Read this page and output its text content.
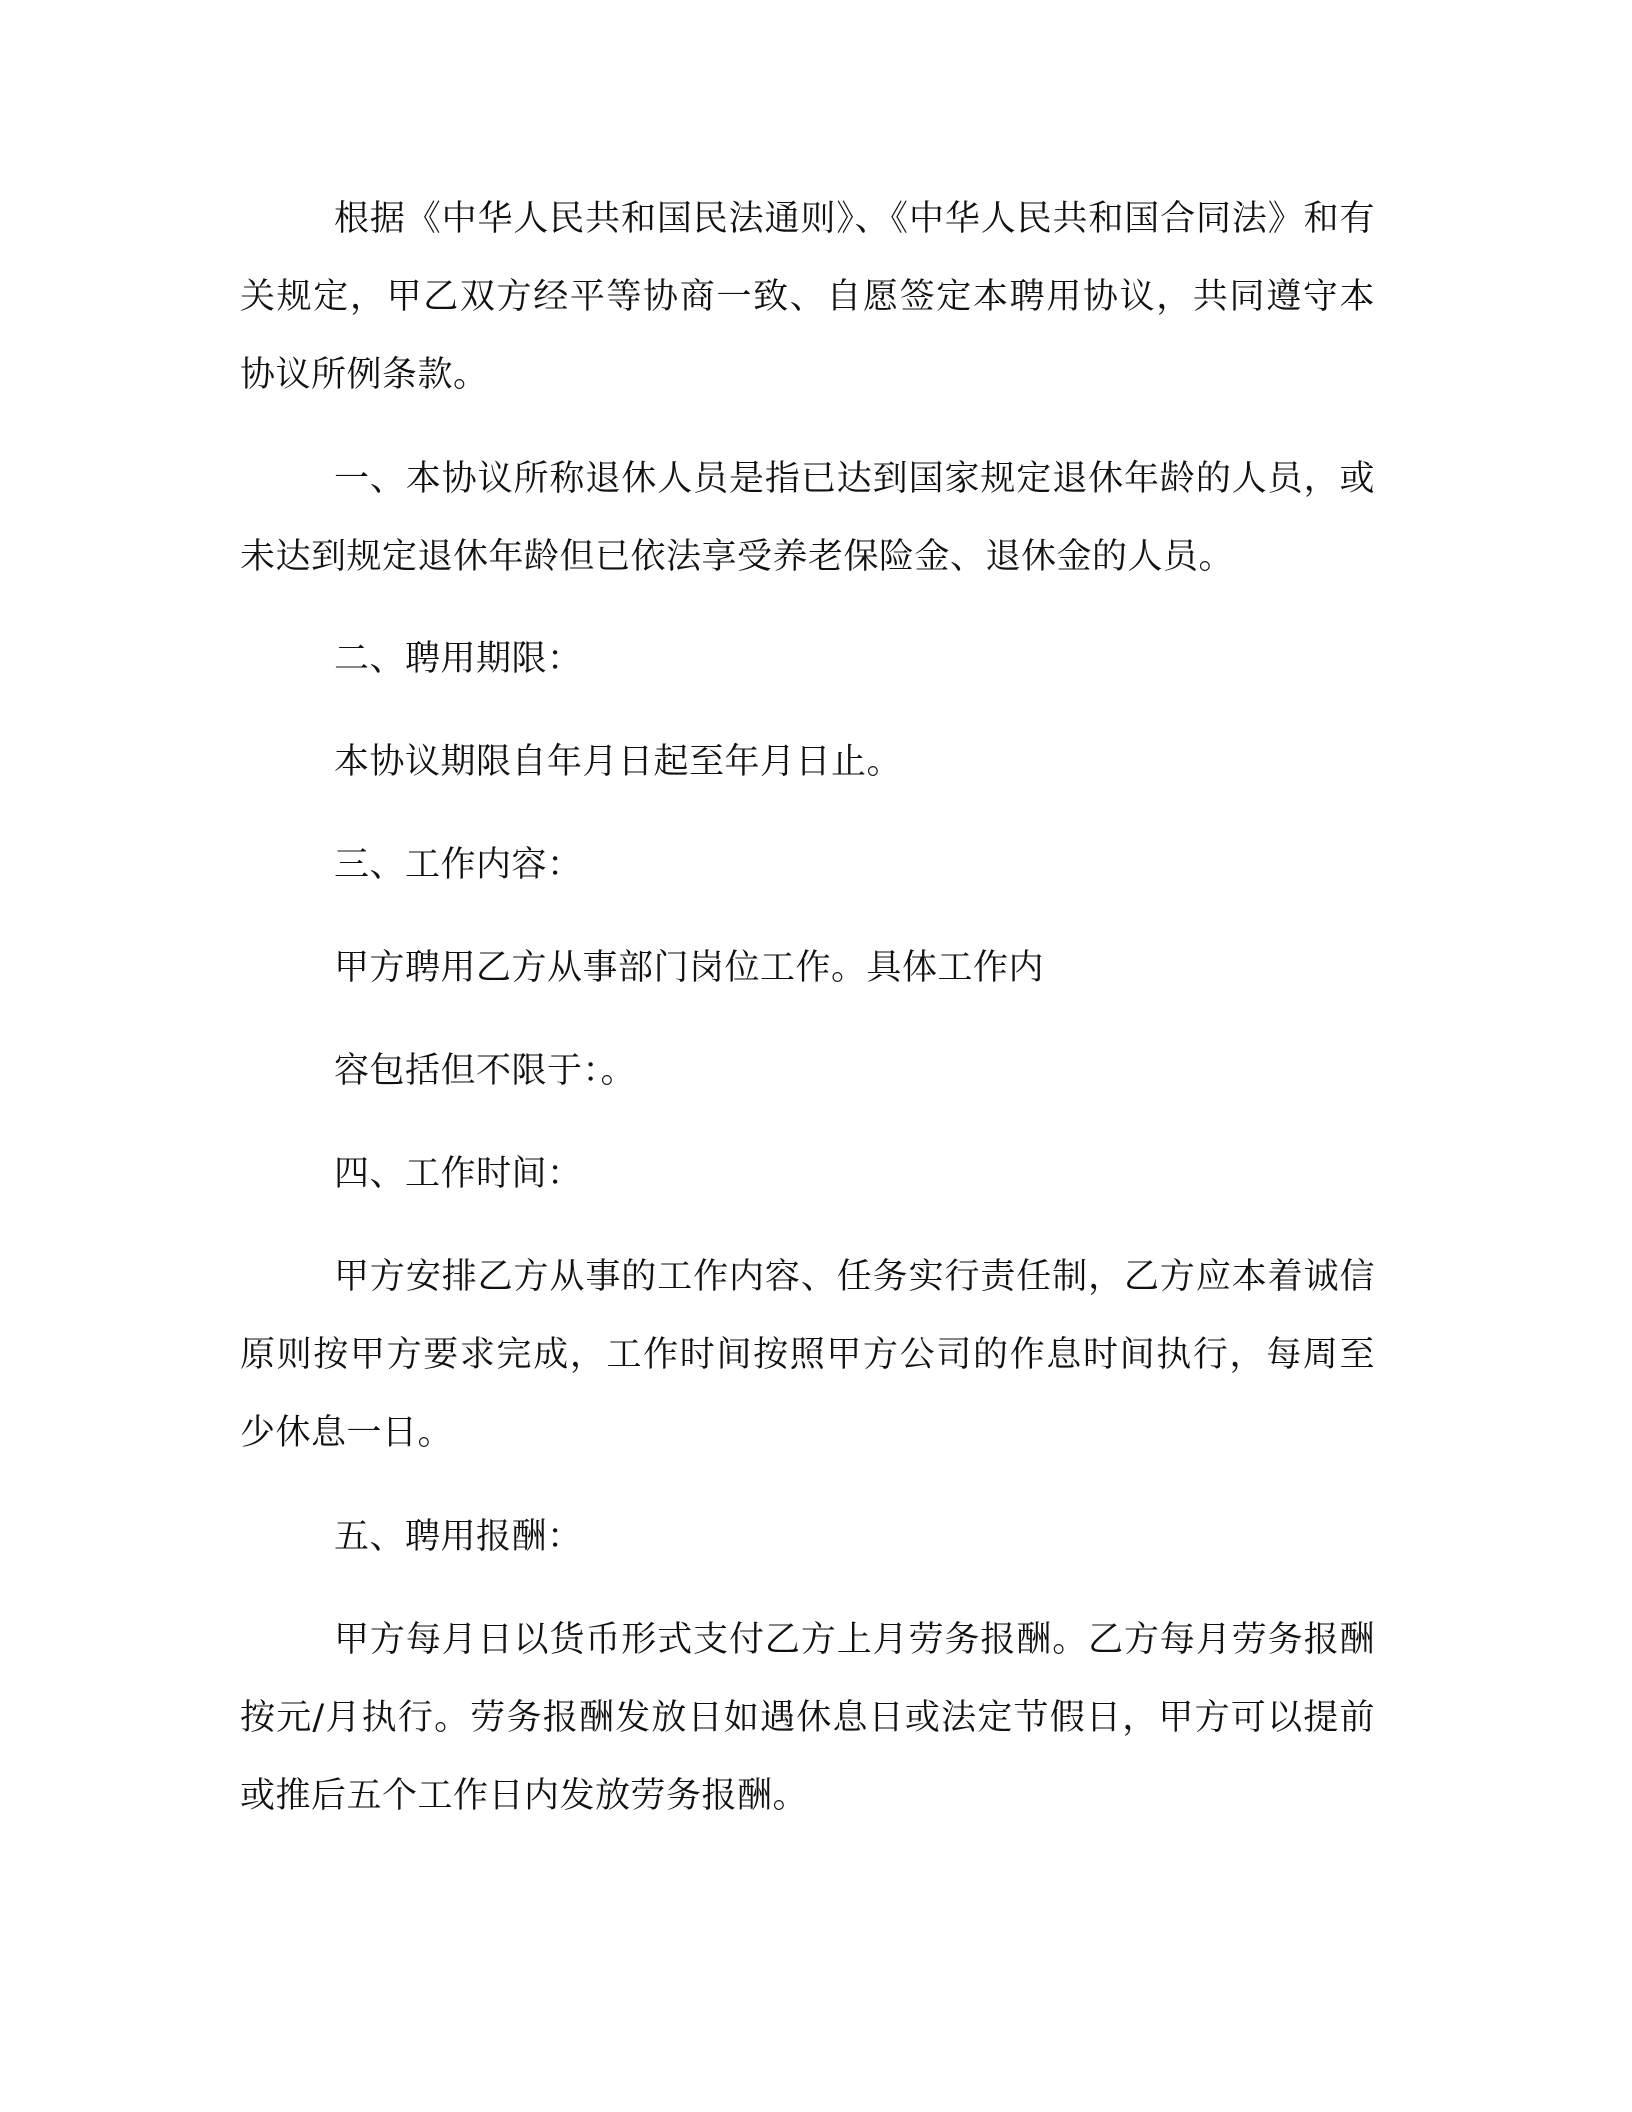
根据《中华人民共和国民法通则》、《中华人民共和国合同法》和有关规定，甲乙双方经平等协商一致、自愿签定本聘用协议，共同遵守本协议所例条款。

一、本协议所称退休人员是指已达到国家规定退休年龄的人员，或未达到规定退休年龄但已依法享受养老保险金、退休金的人员。

二、聘用期限：

本协议期限自年月日起至年月日止。

三、工作内容：

甲方聘用乙方从事部门岗位工作。具体工作内

容包括但不限于：。

四、工作时间：

甲方安排乙方从事的工作内容、任务实行责任制，乙方应本着诚信原则按甲方要求完成，工作时间按照甲方公司的作息时间执行，每周至少休息一日。

五、聘用报酬：

甲方每月日以货币形式支付乙方上月劳务报酬。乙方每月劳务报酬按元/月执行。劳务报酬发放日如遇休息日或法定节假日，甲方可以提前或推后五个工作日内发放劳务报酬。
